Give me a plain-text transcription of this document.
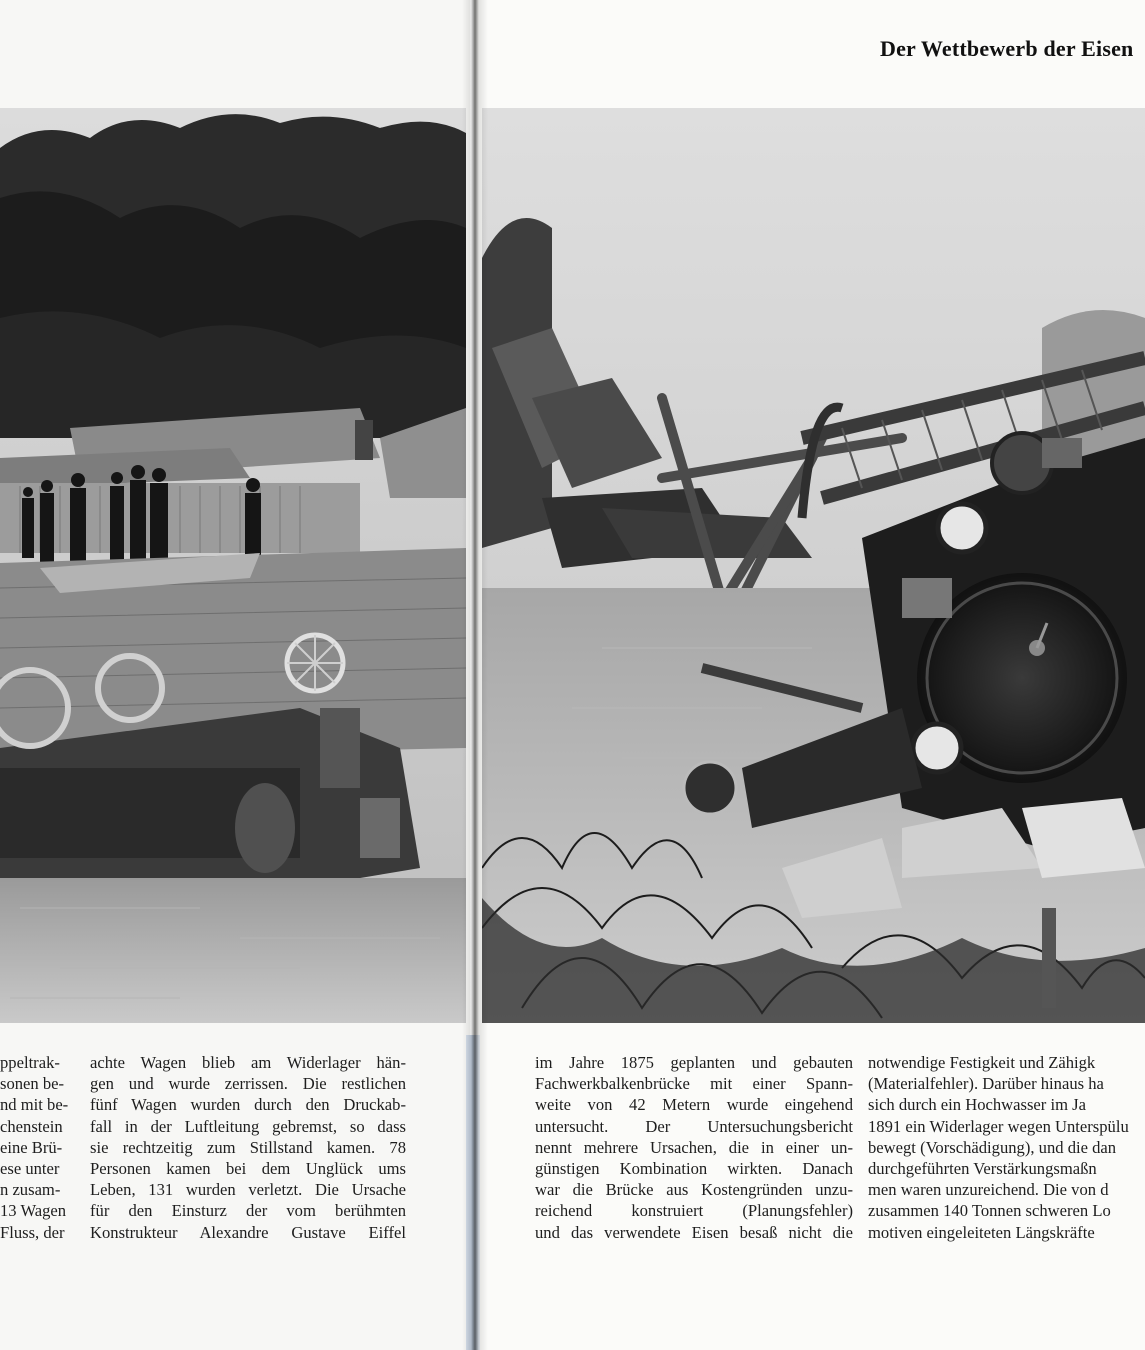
Der Wettbewerb der Eisen
ppeltrak-
sonen be-
nd mit be-
chenstein
eine Brü-
ese unter
n zusam-
13 Wagen
Fluss, der
achte Wagen blieb am Widerlager hän-
gen und wurde zerrissen. Die restlichen
fünf Wagen wurden durch den Druckab-
fall in der Luftleitung gebremst, so dass
sie rechtzeitig zum Stillstand kamen. 78
Personen kamen bei dem Unglück ums
Leben, 131 wurden verletzt. Die Ursache
für den Einsturz der vom berühmten
Konstrukteur Alexandre Gustave Eiffel
im Jahre 1875 geplanten und gebauten
Fachwerkbalkenbrücke mit einer Spann-
weite von 42 Metern wurde eingehend
untersucht. Der Untersuchungsbericht
nennt mehrere Ursachen, die in einer un-
günstigen Kombination wirkten. Danach
war die Brücke aus Kostengründen unzu-
reichend konstruiert (Planungsfehler)
und das verwendete Eisen besaß nicht die
notwendige Festigkeit und Zähigk
(Materialfehler). Darüber hinaus ha
sich durch ein Hochwasser im Ja
1891 ein Widerlager wegen Unterspülu
bewegt (Vorschädigung), und die dan
durchgeführten Verstärkungsmaßn
men waren unzureichend. Die von d
zusammen 140 Tonnen schweren Lo
motiven eingeleiteten Längskräfte
